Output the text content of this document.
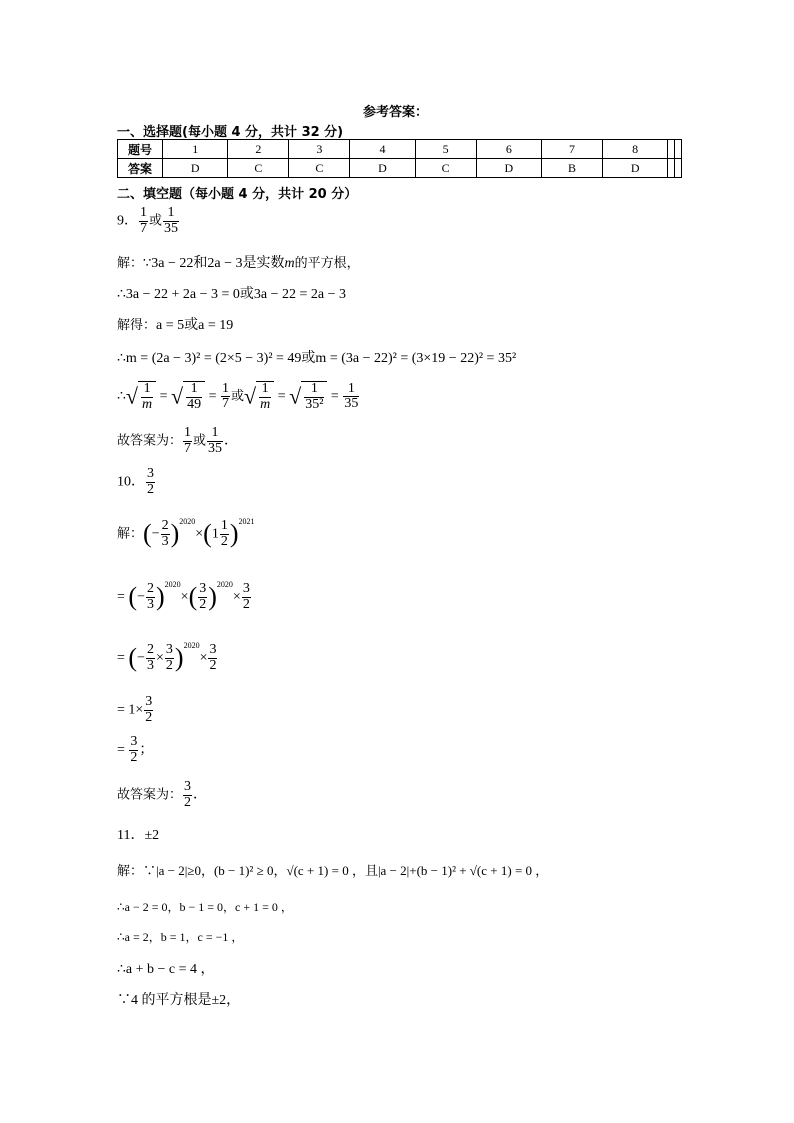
参考答案：
一、选择题(每小题 4 分，共计 32 分)
题号	1	2	3	4	5	6	7	8		
答案	D	C	C	D	C	D	B	D		
二、填空题（每小题 4 分，共计 20 分）
9． $\frac{1}{7}$ 或 $\frac{1}{35}$
解：∵3a − 22和2a − 3是实数m的平方根，
∴3a − 22 + 2a − 3 = 0或3a − 22 = 2a − 3
解得：a = 5或a = 19
∴m = (2a − 3)² = (2×5 − 3)² = 49或m = (3a − 22)² = (3×19 − 22)² = 35²
∴√ $\frac{1}{m}$ = √ $\frac{1}{49} = \frac{1}{7}$ 或√ $\frac{1}{m}$ = √ $\frac{1}{\text{35²}} = \frac{1}{35}$
故答案为： $\frac{1}{7}$ 或 $\frac{1}{35}$ ．
10． $\frac{3}{2}$
解：(− $\frac{2}{3} )^{2020}\times(1 \frac{1}{2} )^{2021}$
= (− $\frac{2}{3} )^{2020}\times( \frac{3}{2} )^{2020}\times \frac{3}{2}$
= (− $\frac{2}{3} \times \frac{3}{2} )^{2020}\times \frac{3}{2}$
= $1\times \frac{3}{2}$
= $\frac{3}{2}$ ；
故答案为： $\frac{3}{2}$ ．
11．±2
解：∵|a − 2|≥0，(b − 1)² ≥ 0，√(c + 1) = 0 ，且|a − 2|+(b − 1)² + √(c + 1) = 0 ，
∴a − 2 = 0，b − 1 = 0，c + 1 = 0 ，
∴a = 2，b = 1，c = −1 ，
∴a + b − c = 4 ，
∵4 的平方根是±2，
